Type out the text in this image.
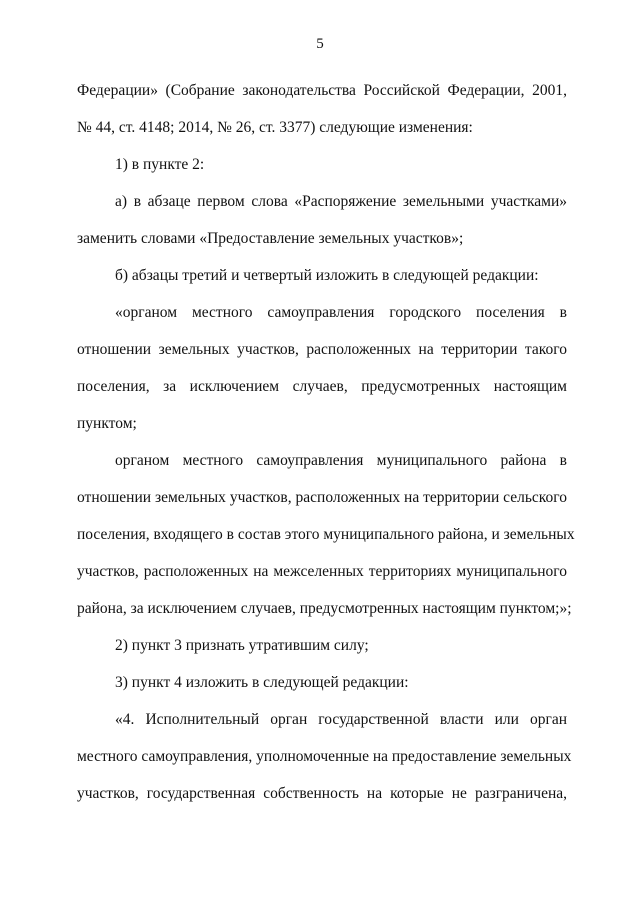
5
Федерации» (Собрание законодательства Российской Федерации, 2001,
№ 44, ст. 4148; 2014, № 26, ст. 3377) следующие изменения:
1) в пункте 2:
а) в абзаце первом слова «Распоряжение земельными участками»
заменить словами «Предоставление земельных участков»;
б) абзацы третий и четвертый изложить в следующей редакции:
«органом местного самоуправления городского поселения в
отношении земельных участков, расположенных на территории такого
поселения, за исключением случаев, предусмотренных настоящим
пунктом;
органом местного самоуправления муниципального района в
отношении земельных участков, расположенных на территории сельского
поселения, входящего в состав этого муниципального района, и земельных
участков, расположенных на межселенных территориях муниципального
района, за исключением случаев, предусмотренных настоящим пунктом;»;
2) пункт 3 признать утратившим силу;
3) пункт 4 изложить в следующей редакции:
«4. Исполнительный орган государственной власти или орган
местного самоуправления, уполномоченные на предоставление земельных
участков, государственная собственность на которые не разграничена,
